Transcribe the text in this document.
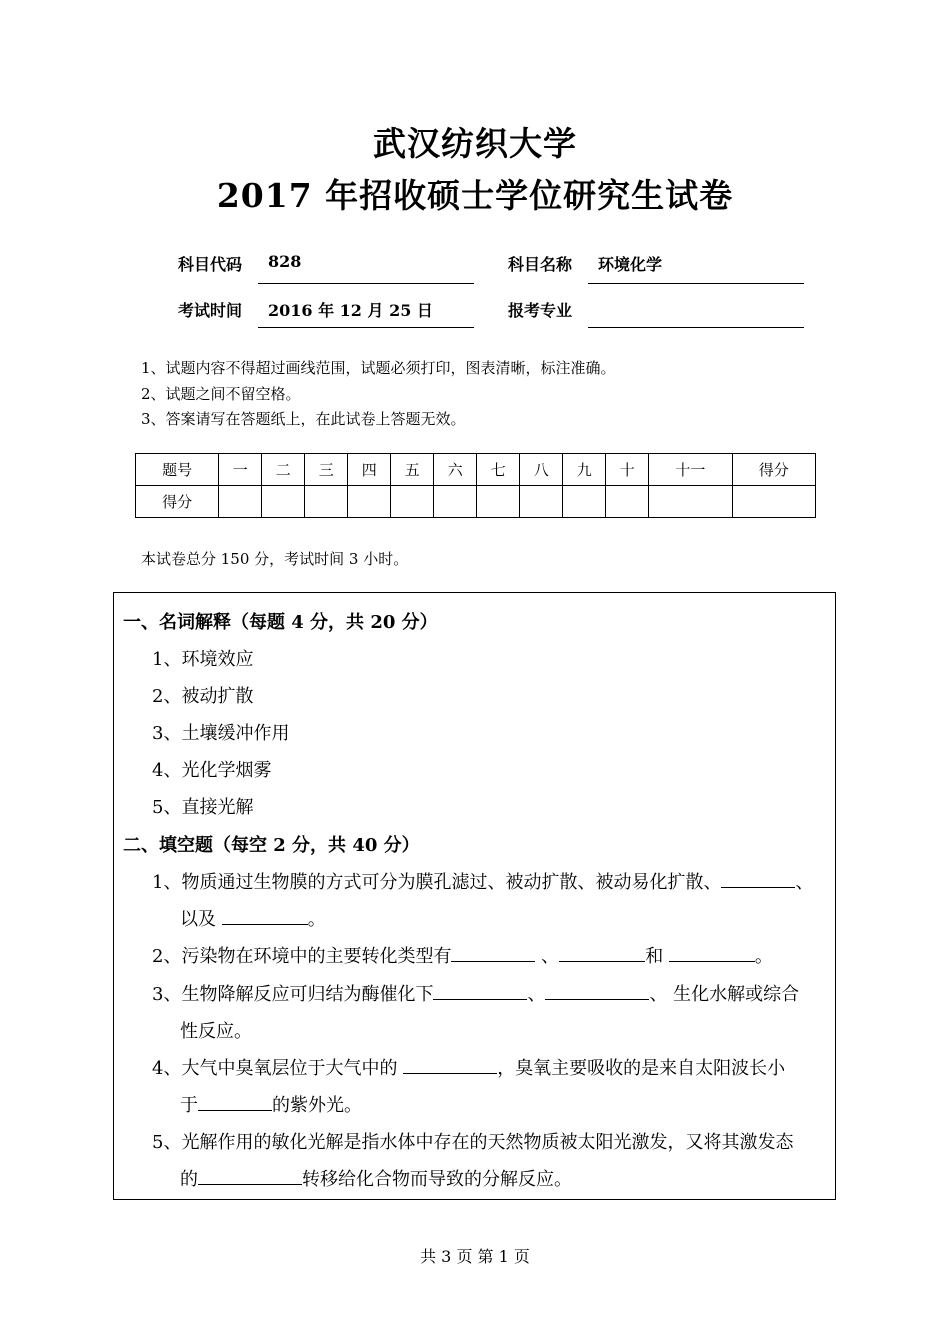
武汉纺织大学
2017 年招收硕士学位研究生试卷
科目代码 828	科目名称 环境化学
考试时间 2016 年 12 月 25 日	报考专业
1、试题内容不得超过画线范围，试题必须打印，图表清晰，标注准确。
2、试题之间不留空格。
3、答案请写在答题纸上，在此试卷上答题无效。
题号	一	二	三	四	五	六	七	八	九	十	十一	得分
得分												
本试卷总分 150 分，考试时间 3 小时。
一、名词解释（每题 4 分，共 20 分）
1、环境效应
2、被动扩散
3、土壤缓冲作用
4、光化学烟雾
5、直接光解
二、填空题（每空 2 分，共 40 分）
1、物质通过生物膜的方式可分为膜孔滤过、被动扩散、被动易化扩散、	、
以及	。
2、污染物在环境中的主要转化类型有	、	和	。
3、生物降解反应可归结为酶催化下	、	、 生化水解或综合
性反应。
4、大气中臭氧层位于大气中的	，臭氧主要吸收的是来自太阳波长小
于	的紫外光。
5、光解作用的敏化光解是指水体中存在的天然物质被太阳光激发，又将其激发态
的	转移给化合物而导致的分解反应。
共 3 页 第 1 页
